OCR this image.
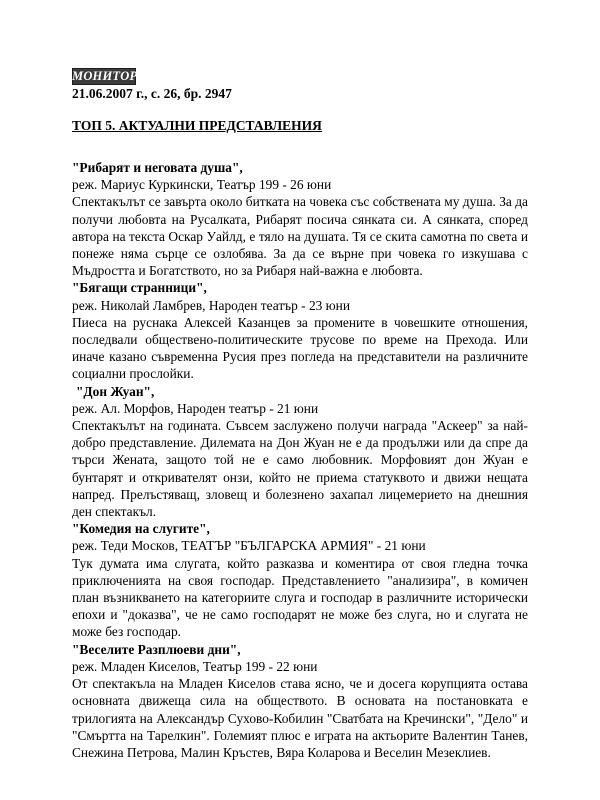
МОНИТОР
21.06.2007 г., с. 26, бр. 2947
ТОП 5. АКТУАЛНИ ПРЕДСТАВЛЕНИЯ
"Рибарят и неговата душа",
реж. Мариус Куркински, Театър 199 - 26 юни
Спектакълът се завърта около битката на човека със собствената му душа. За да получи любовта на Русалката, Рибарят посича сянката си. А сянката, според автора на текста Оскар Уайлд, е тяло на душата. Тя се скита самотна по света и понеже няма сърце се озлобява. За да се върне при човека го изкушава с Мъдростта и Богатството, но за Рибаря най-важна е любовта.
"Бягащи странници",
реж. Николай Ламбрев, Народен театър - 23 юни
Пиеса на руснака Алексей Казанцев за промените в човешките отношения, последвали обществено-политическите трусове по време на Прехода. Или иначе казано съвременна Русия през погледа на представители на различните социални прослойки.
"Дон Жуан",
реж. Ал. Морфов, Народен театър - 21 юни
Спектакълът на годината. Съвсем заслужено получи награда "Аскеер" за най-добро представление. Дилемата на Дон Жуан не е да продължи или да спре да търси Жената, защото той не е само любовник. Морфовият дон Жуан е бунтарят и откривателят онзи, който не приема статуквото и движи нещата напред. Прелъстяващ, зловещ и болезнено захапал лицемерието на днешния ден спектакъл.
"Комедия на слугите",
реж. Теди Москов, ТЕАТЪР "БЪЛГАРСКА АРМИЯ" - 21 юни
Тук думата има слугата, който разказва и коментира от своя гледна точка приключенията на своя господар. Представлението "анализира", в комичен план възникването на категориите слуга и господар в различните исторически епохи и "доказва", че не само господарят не може без слуга, но и слугата не може без господар.
"Веселите Разплюеви дни",
реж. Младен Киселов, Театър 199 - 22 юни
От спектакъла на Младен Киселов става ясно, че и досега корупцията остава основната движеща сила на обществото. В основата на постановката е трилогията на Александър Сухово-Кобилин "Сватбата на Кречински", "Дело" и "Смъртта на Тарелкин". Големият плюс е играта на актьорите Валентин Танев, Снежина Петрова, Малин Кръстев, Вяра Коларова и Веселин Мезеклиев.
